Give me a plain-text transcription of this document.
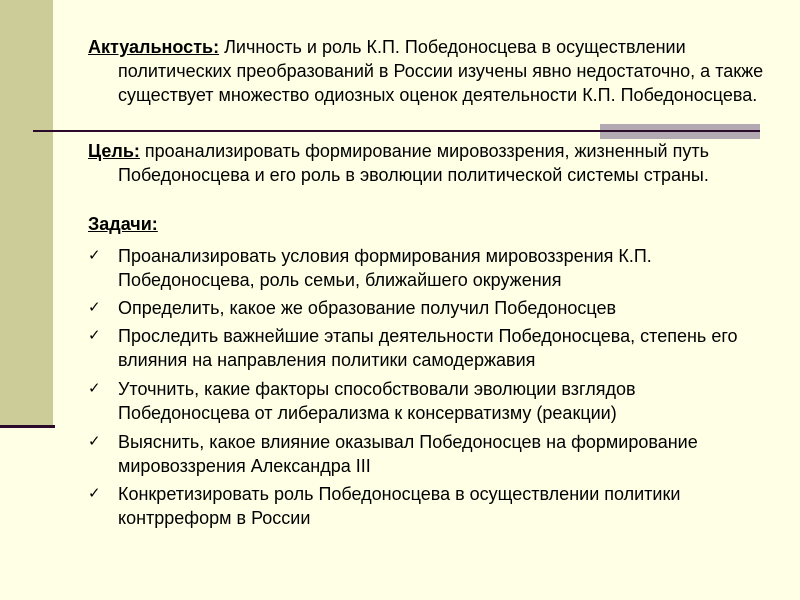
Актуальность: Личность и роль К.П. Победоносцева в осуществлении политических преобразований в России изучены явно недостаточно, а также существует множество одиозных оценок деятельности К.П. Победоносцева.
Цель: проанализировать формирование мировоззрения, жизненный путь Победоносцева и его роль в эволюции политической системы страны.
Задачи:
✓ Проанализировать условия формирования мировоззрения К.П. Победоносцева, роль семьи, ближайшего окружения
✓ Определить, какое же образование получил Победоносцев
✓ Проследить важнейшие этапы деятельности Победоносцева, степень его влияния на направления политики самодержавия
✓ Уточнить, какие факторы способствовали эволюции взглядов Победоносцева от либерализма к консерватизму (реакции)
✓ Выяснить, какое влияние оказывал Победоносцев на формирование мировоззрения Александра III
✓ Конкретизировать роль Победоносцева в осуществлении политики контрреформ в России
